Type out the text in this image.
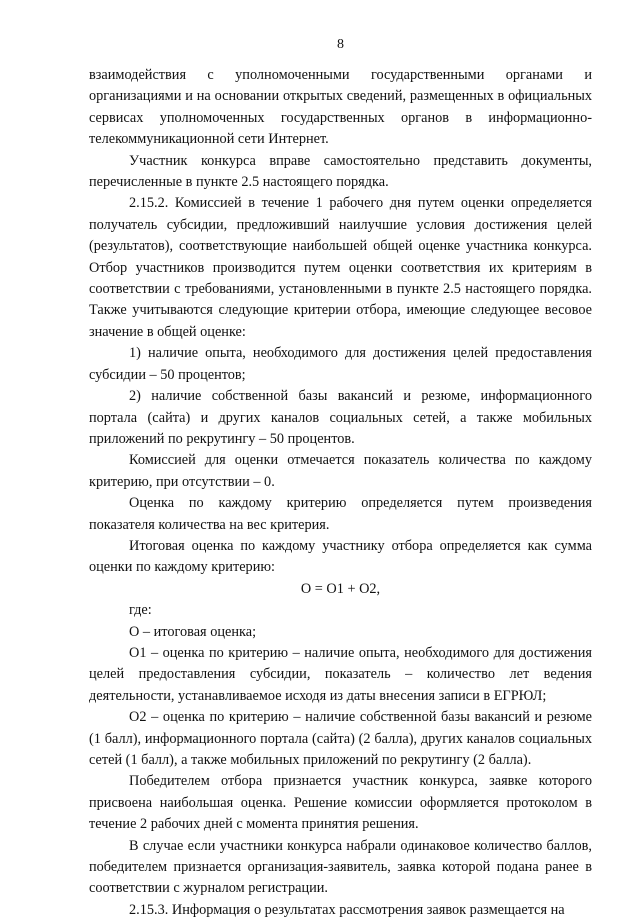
8

взаимодействия с уполномоченными государственными органами и организациями и на основании открытых сведений, размещенных в официальных сервисах уполномоченных государственных органов в информационно-телекоммуникационной сети Интернет.

Участник конкурса вправе самостоятельно представить документы, перечисленные в пункте 2.5 настоящего порядка.

2.15.2. Комиссией в течение 1 рабочего дня путем оценки определяется получатель субсидии, предложивший наилучшие условия достижения целей (результатов), соответствующие наибольшей общей оценке участника конкурса. Отбор участников производится путем оценки соответствия их критериям в соответствии с требованиями, установленными в пункте 2.5 настоящего порядка. Также учитываются следующие критерии отбора, имеющие следующее весовое значение в общей оценке:

1) наличие опыта, необходимого для достижения целей предоставления субсидии – 50 процентов;

2) наличие собственной базы вакансий и резюме, информационного портала (сайта) и других каналов социальных сетей, а также мобильных приложений по рекрутингу – 50 процентов.

Комиссией для оценки отмечается показатель количества по каждому критерию, при отсутствии – 0.

Оценка по каждому критерию определяется путем произведения показателя количества на вес критерия.

Итоговая оценка по каждому участнику отбора определяется как сумма оценки по каждому критерию:

О = О1 + О2,

где:

О – итоговая оценка;

О1 – оценка по критерию – наличие опыта, необходимого для достижения целей предоставления субсидии, показатель – количество лет ведения деятельности, устанавливаемое исходя из даты внесения записи в ЕГРЮЛ;

О2 – оценка по критерию – наличие собственной базы вакансий и резюме (1 балл), информационного портала (сайта) (2 балла), других каналов социальных сетей (1 балл), а также мобильных приложений по рекрутингу (2 балла).

Победителем отбора признается участник конкурса, заявке которого присвоена наибольшая оценка. Решение комиссии оформляется протоколом в течение 2 рабочих дней с момента принятия решения.

В случае если участники конкурса набрали одинаковое количество баллов, победителем признается организация-заявитель, заявка которой подана ранее в соответствии с журналом регистрации.

2.15.3. Информация о результатах рассмотрения заявок размещается на
